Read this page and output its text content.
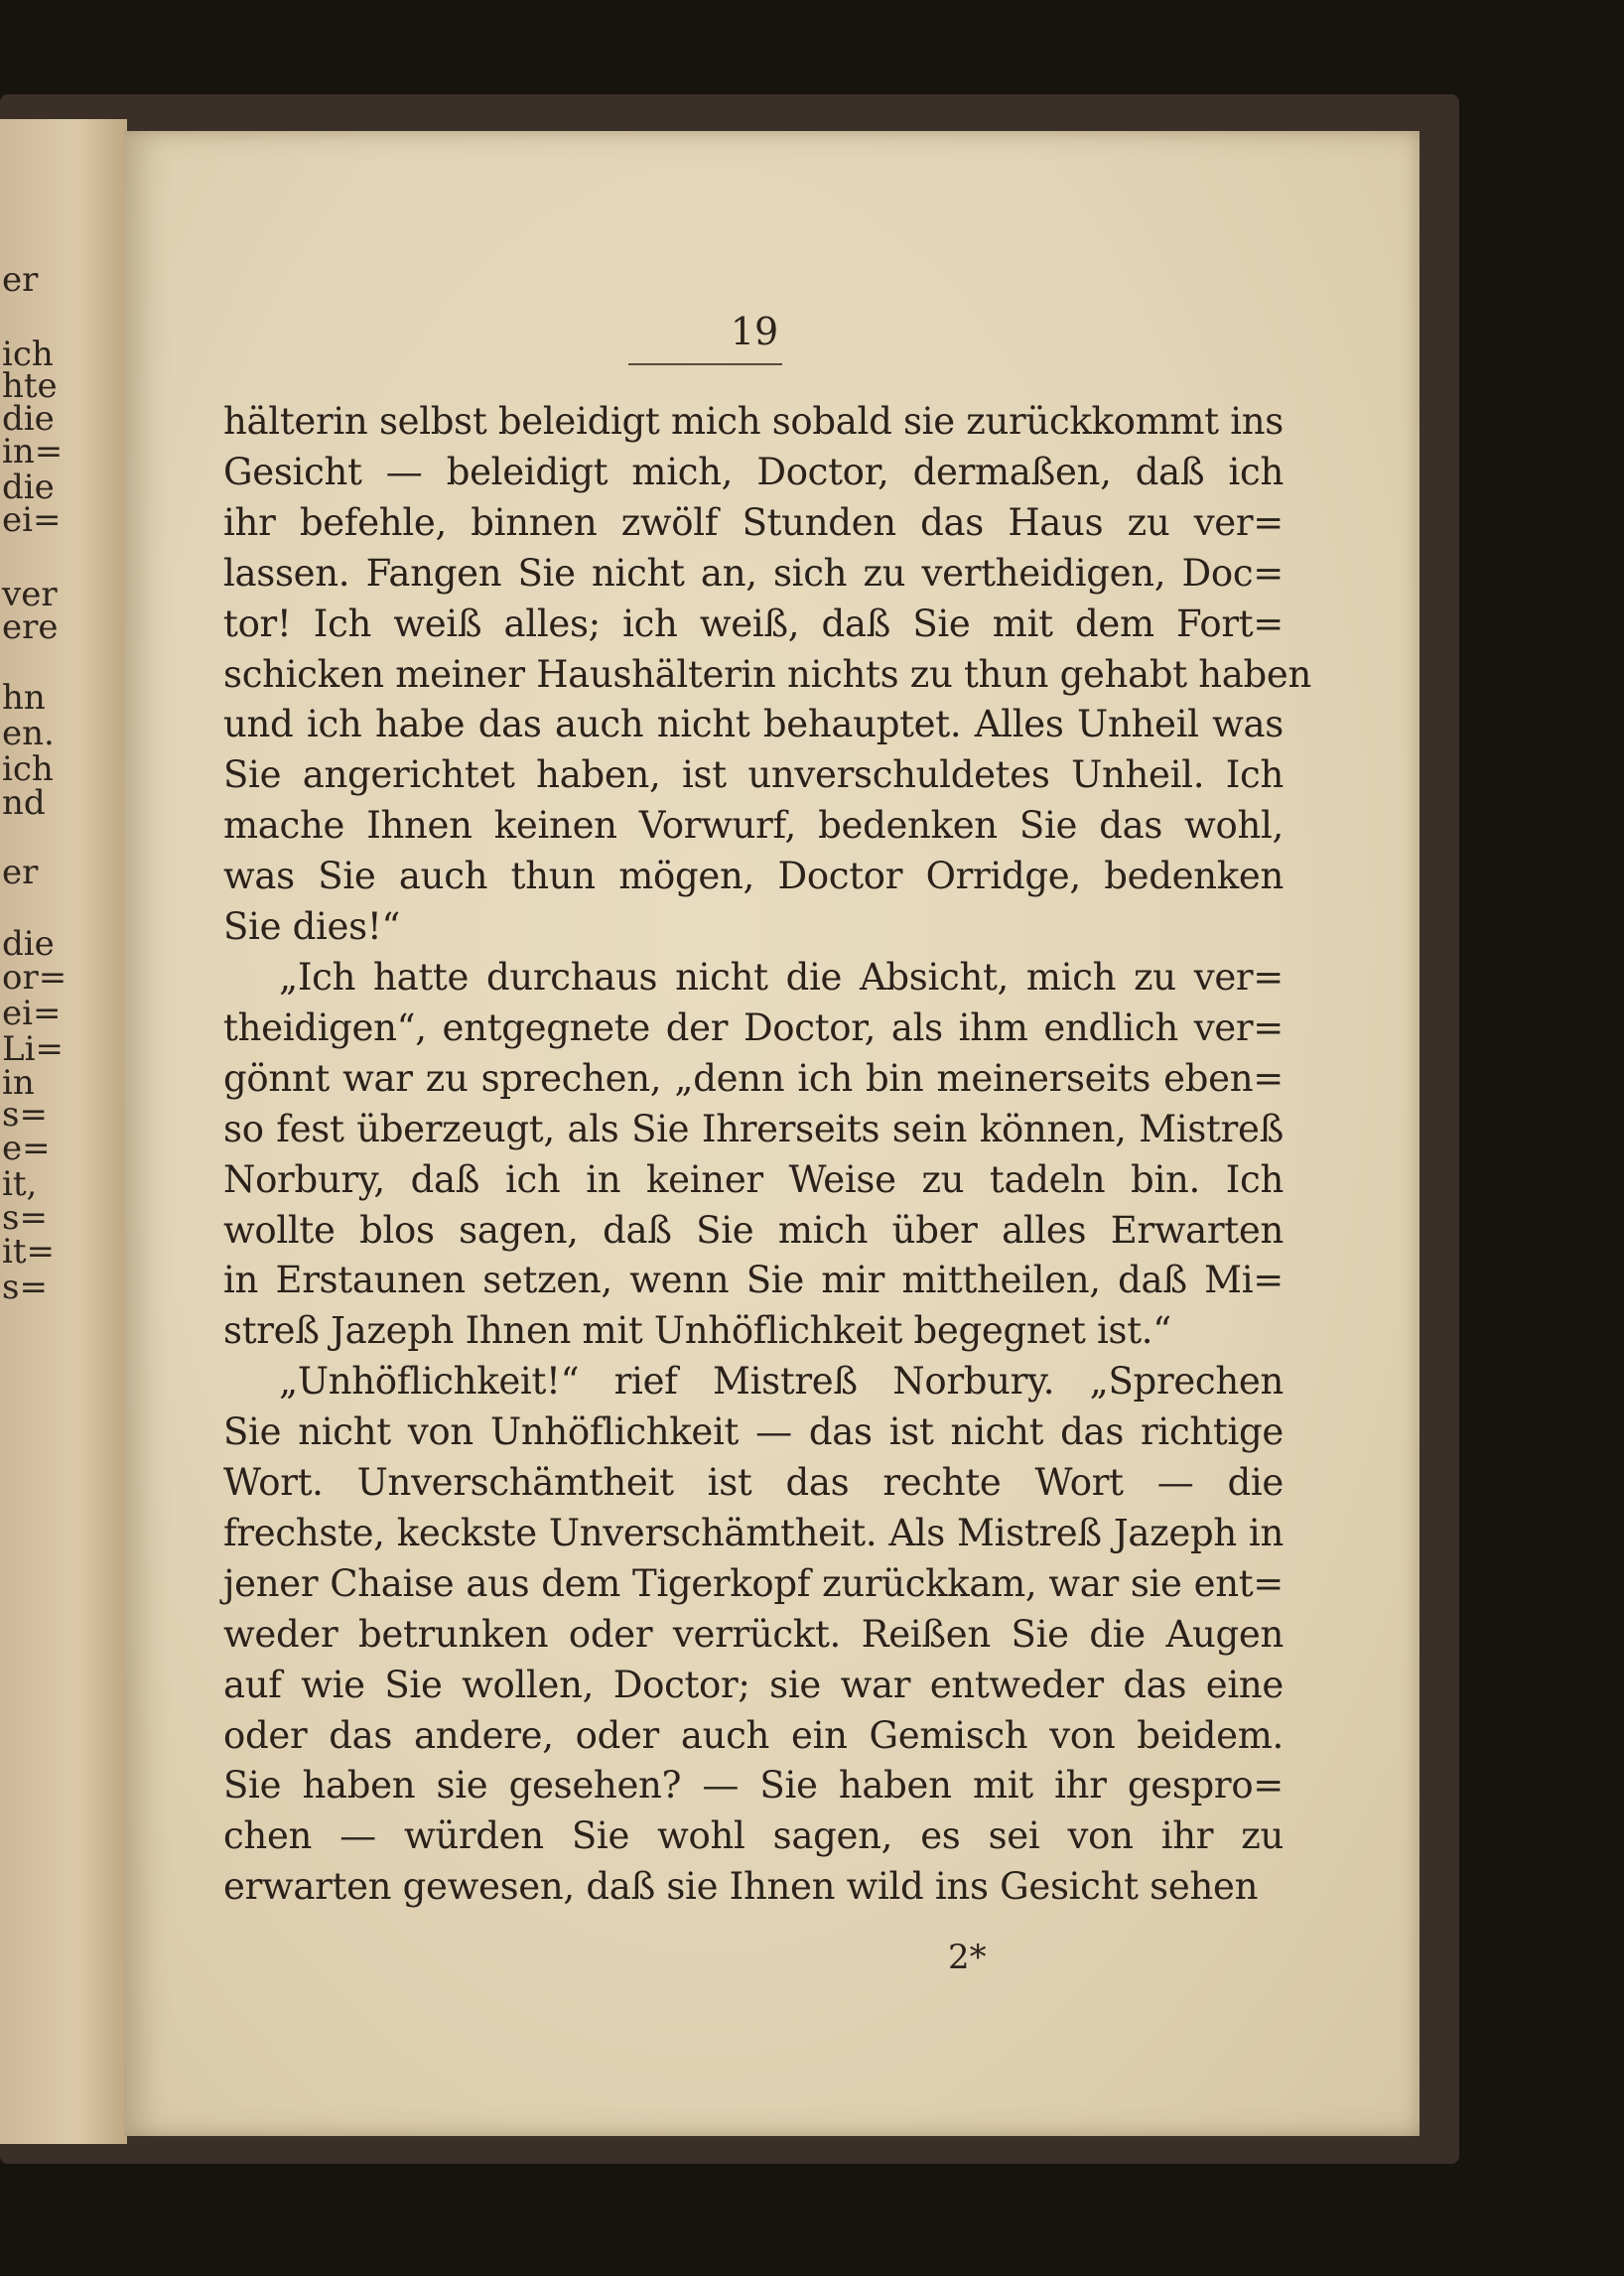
er
ich
hte
die
in=
die
ei=
ver
ere
hn
en.
ich
nd
er
die
or=
ei=
Li=
in
s=
e=
it,
s=
it=
s=
19
hälterin selbst beleidigt mich sobald sie zurückkommt ins
Gesicht — beleidigt mich, Doctor, dermaßen, daß ich
ihr befehle, binnen zwölf Stunden das Haus zu ver=
lassen. Fangen Sie nicht an, sich zu vertheidigen, Doc=
tor! Ich weiß alles; ich weiß, daß Sie mit dem Fort=
schicken meiner Haushälterin nichts zu thun gehabt haben
und ich habe das auch nicht behauptet. Alles Unheil was
Sie angerichtet haben, ist unverschuldetes Unheil. Ich
mache Ihnen keinen Vorwurf, bedenken Sie das wohl,
was Sie auch thun mögen, Doctor Orridge, bedenken
Sie dies!“
„Ich hatte durchaus nicht die Absicht, mich zu ver=
theidigen“, entgegnete der Doctor, als ihm endlich ver=
gönnt war zu sprechen, „denn ich bin meinerseits eben=
so fest überzeugt, als Sie Ihrerseits sein können, Mistreß
Norbury, daß ich in keiner Weise zu tadeln bin. Ich
wollte blos sagen, daß Sie mich über alles Erwarten
in Erstaunen setzen, wenn Sie mir mittheilen, daß Mi=
streß Jazeph Ihnen mit Unhöflichkeit begegnet ist.“
„Unhöflichkeit!“ rief Mistreß Norbury. „Sprechen
Sie nicht von Unhöflichkeit — das ist nicht das richtige
Wort. Unverschämtheit ist das rechte Wort — die
frechste, keckste Unverschämtheit. Als Mistreß Jazeph in
jener Chaise aus dem Tigerkopf zurückkam, war sie ent=
weder betrunken oder verrückt. Reißen Sie die Augen
auf wie Sie wollen, Doctor; sie war entweder das eine
oder das andere, oder auch ein Gemisch von beidem.
Sie haben sie gesehen? — Sie haben mit ihr gespro=
chen — würden Sie wohl sagen, es sei von ihr zu
erwarten gewesen, daß sie Ihnen wild ins Gesicht sehen
2*
